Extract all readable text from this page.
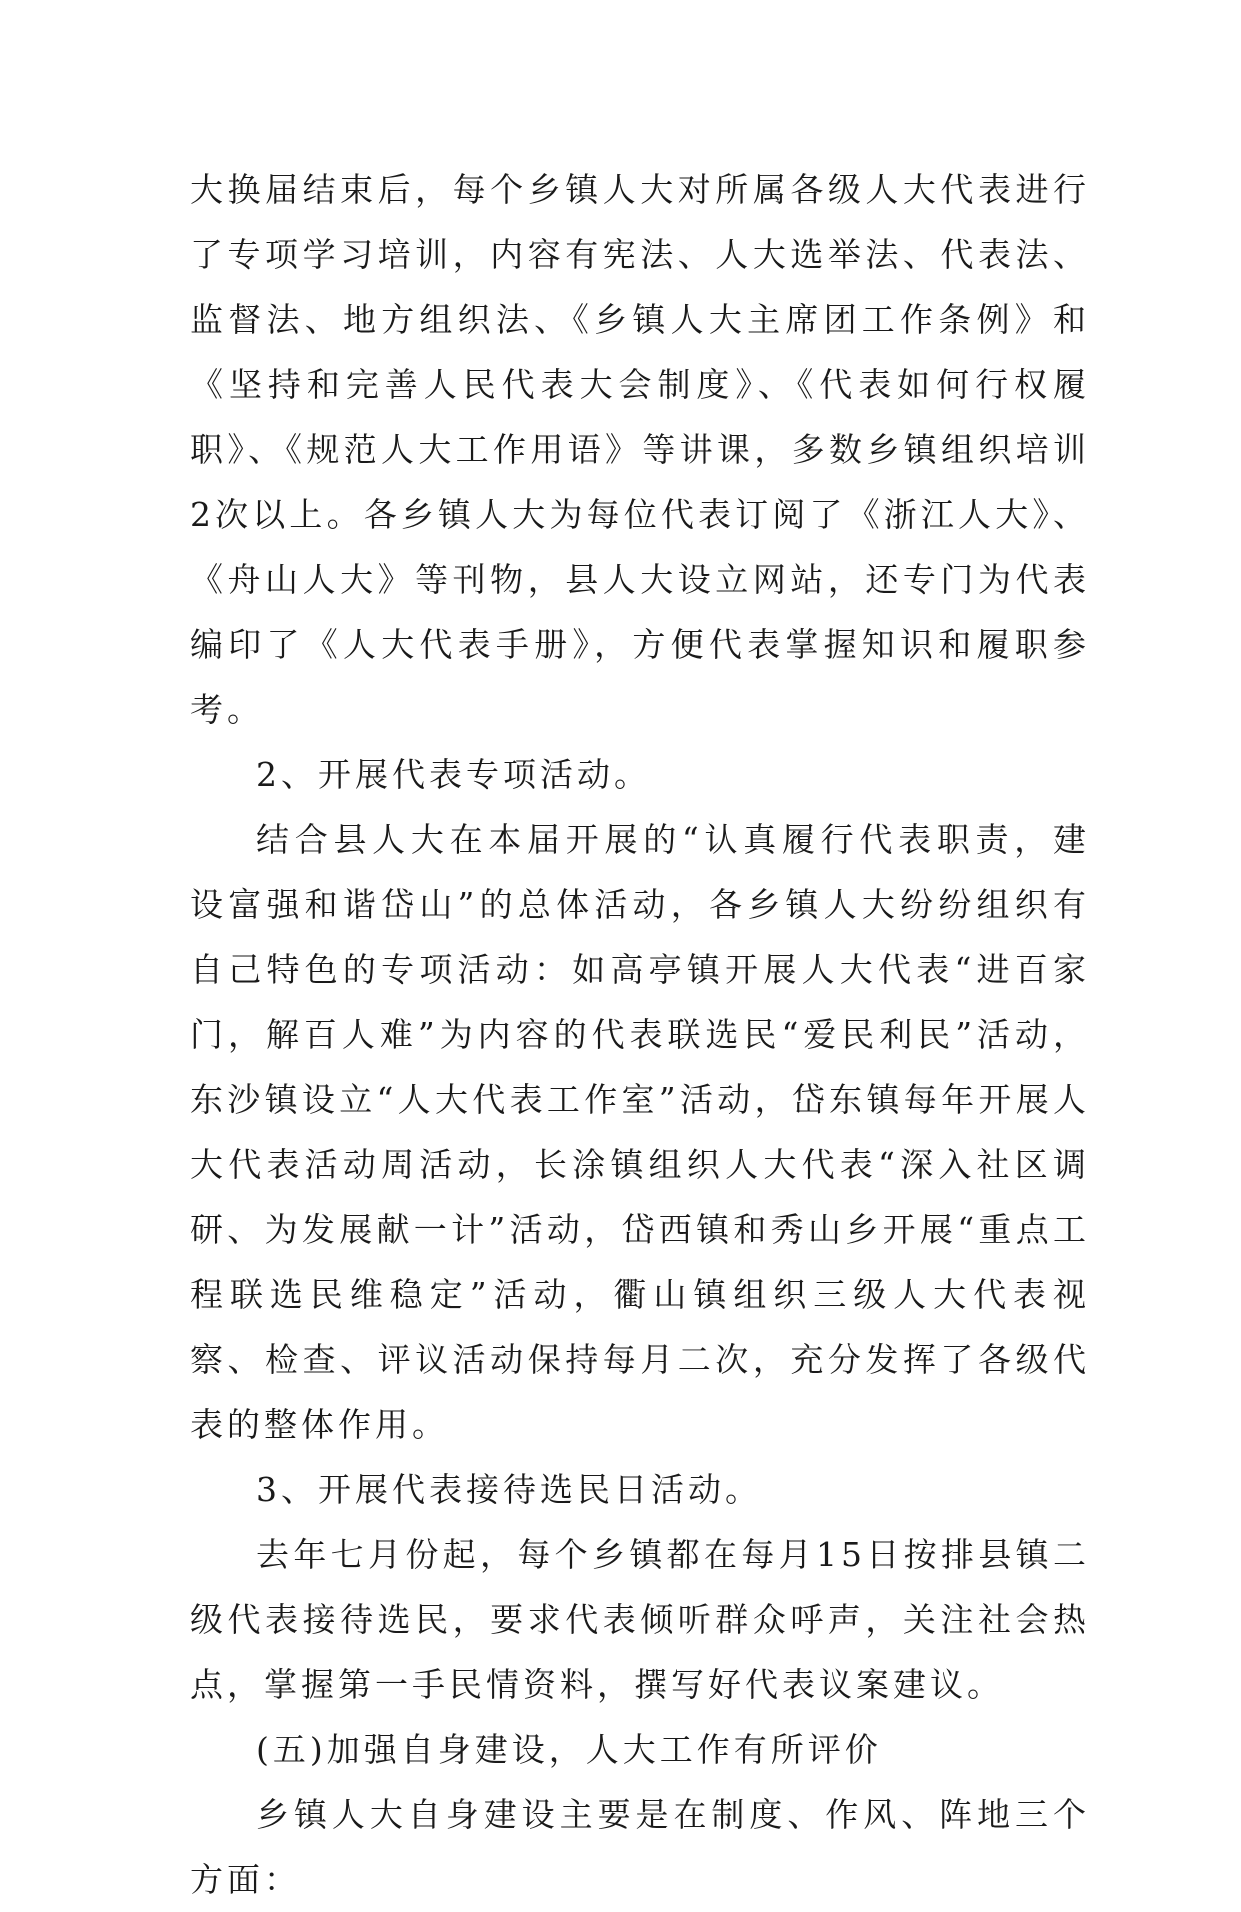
大换届结束后，每个乡镇人大对所属各级人大代表进行了专项学习培训，内容有宪法、人大选举法、代表法、监督法、地方组织法、《乡镇人大主席团工作条例》和《坚持和完善人民代表大会制度》、《代表如何行权履职》、《规范人大工作用语》等讲课，多数乡镇组织培训2次以上。各乡镇人大为每位代表订阅了《浙江人大》、《舟山人大》等刊物，县人大设立网站，还专门为代表编印了《人大代表手册》，方便代表掌握知识和履职参考。

2、开展代表专项活动。

结合县人大在本届开展的“认真履行代表职责，建设富强和谐岱山”的总体活动，各乡镇人大纷纷组织有自己特色的专项活动：如高亭镇开展人大代表“进百家门，解百人难”为内容的代表联选民“爱民利民”活动，东沙镇设立“人大代表工作室”活动，岱东镇每年开展人大代表活动周活动，长涂镇组织人大代表“深入社区调研、为发展献一计”活动，岱西镇和秀山乡开展“重点工程联选民维稳定”活动，衢山镇组织三级人大代表视察、检查、评议活动保持每月二次，充分发挥了各级代表的整体作用。

3、开展代表接待选民日活动。

去年七月份起，每个乡镇都在每月15日按排县镇二级代表接待选民，要求代表倾听群众呼声，关注社会热点，掌握第一手民情资料，撰写好代表议案建议。

(五)加强自身建设，人大工作有所评价

乡镇人大自身建设主要是在制度、作风、阵地三个方面：
